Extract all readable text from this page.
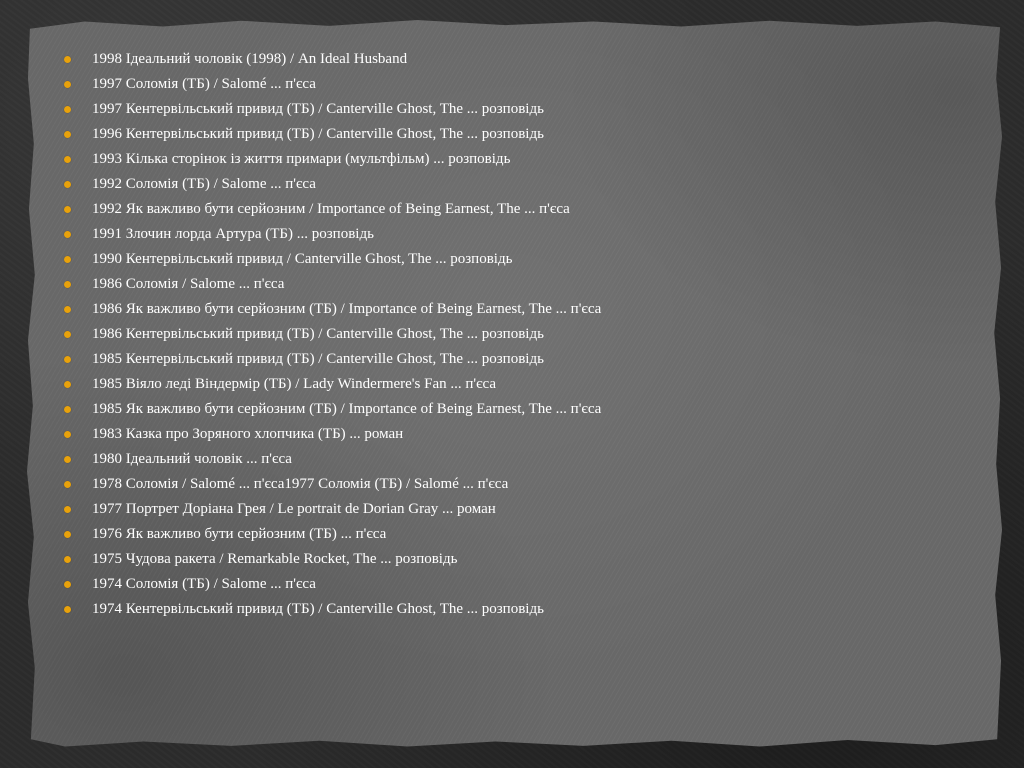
1998 Ідеальний чоловік (1998) / An Ideal Husband
1997 Соломія (ТБ) / Salomé ... п'єса
1997 Кентервільський привид (ТБ) / Canterville Ghost, The ... розповідь
1996 Кентервільський привид (ТБ) / Canterville Ghost, The ... розповідь
1993 Кілька сторінок із життя примари (мультфільм) ... розповідь
1992 Соломія (ТБ) / Salome ... п'єса
1992 Як важливо бути серйозним / Importance of Being Earnest, The ... п'єса
1991 Злочин лорда Артура (ТБ) ... розповідь
1990 Кентервільський привид / Canterville Ghost, The ... розповідь
1986 Соломія / Salome ... п'єса
1986 Як важливо бути серйозним (ТБ) / Importance of Being Earnest, The ... п'єса
1986 Кентервільський привид (ТБ) / Canterville Ghost, The ... розповідь
1985 Кентервільський привид (ТБ) / Canterville Ghost, The ... розповідь
1985 Віяло леді Віндермір (ТБ) / Lady Windermere's Fan ... п'єса
1985 Як важливо бути серйозним (ТБ) / Importance of Being Earnest, The ... п'єса
1983 Казка про Зоряного хлопчика (ТБ) ... роман
1980 Ідеальний чоловік ... п'єса
1978 Соломія / Salomé ... п'єса1977 Соломія (ТБ) / Salomé ... п'єса
1977 Портрет Доріана Грея / Le portrait de Dorian Gray ... роман
1976 Як важливо бути серйозним (ТБ) ... п'єса
1975 Чудова ракета / Remarkable Rocket, The ... розповідь
1974 Соломія (ТБ) / Salome ... п'єса
1974 Кентервільський привид (ТБ) / Canterville Ghost, The ... розповідь
